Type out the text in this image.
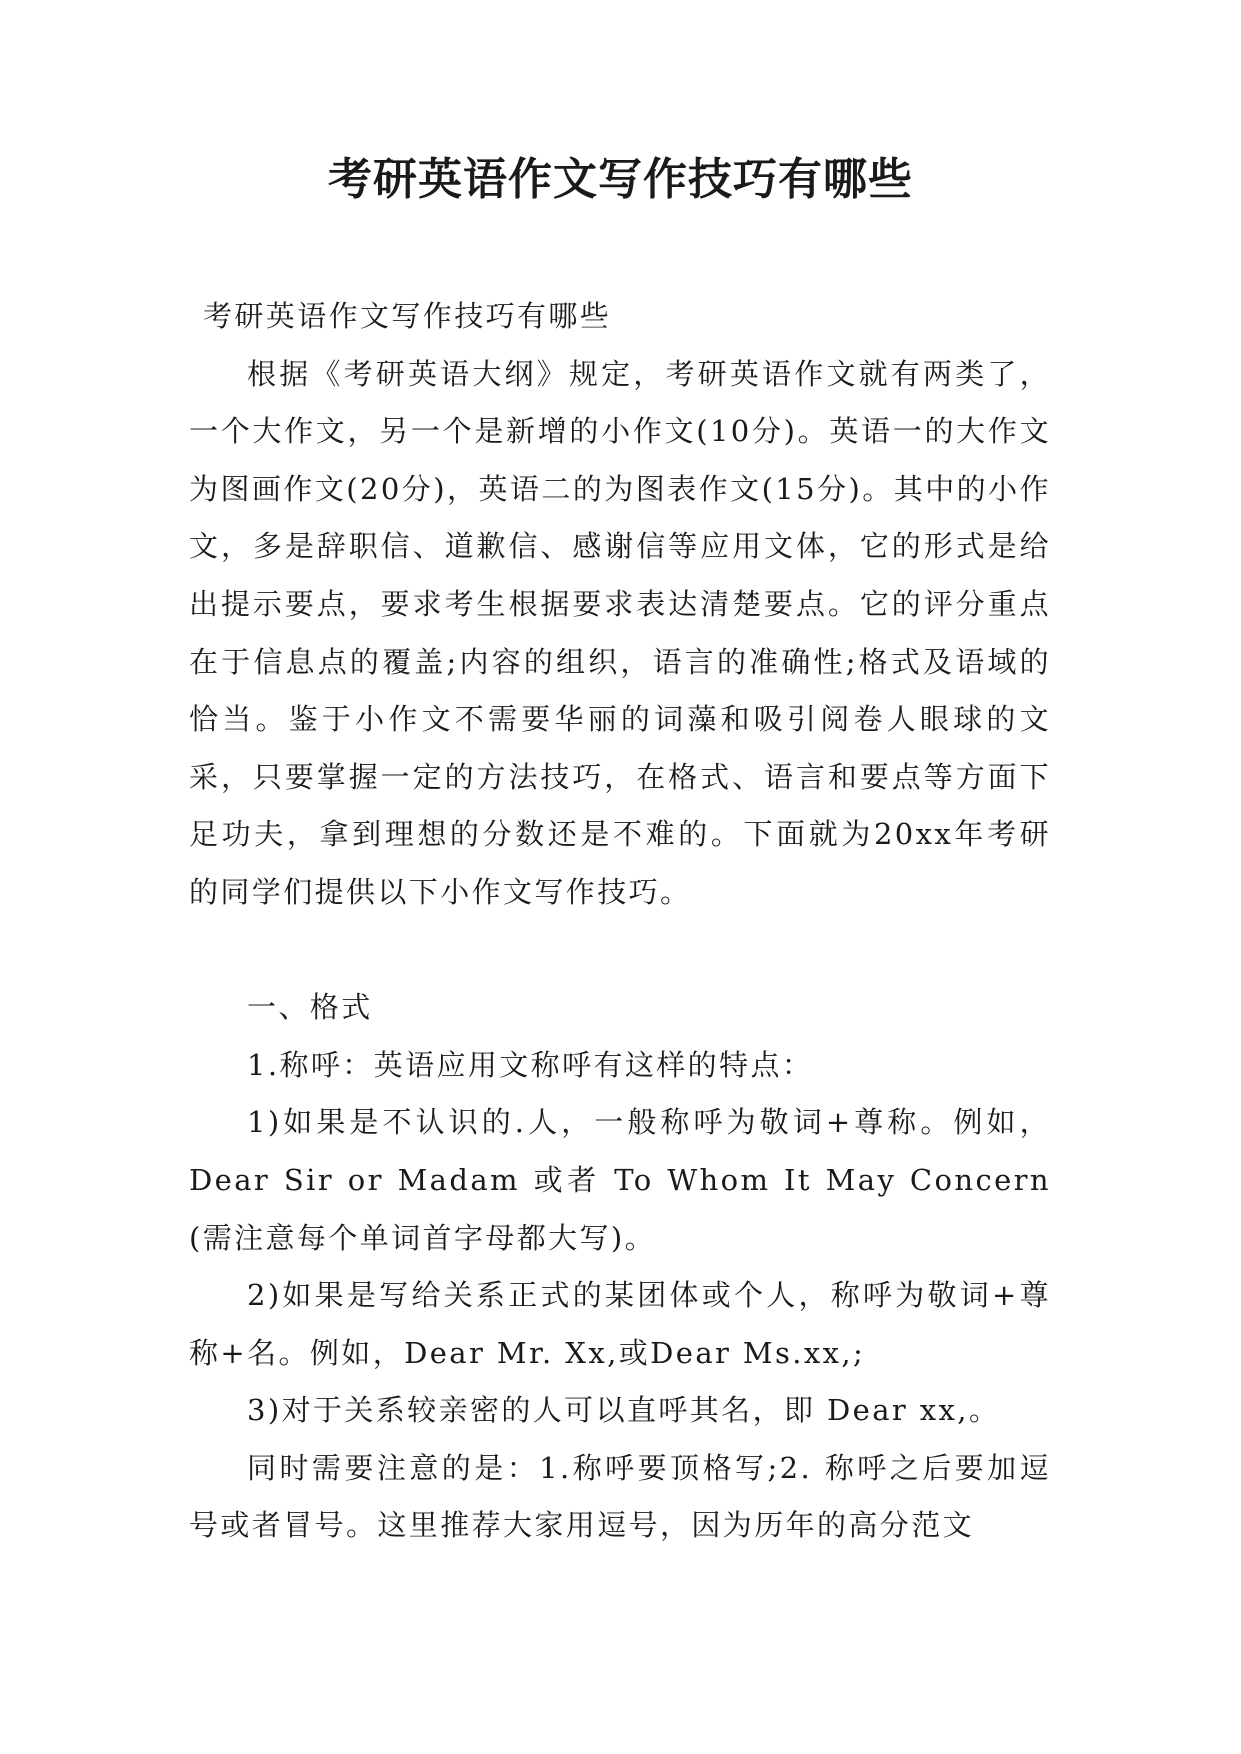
考研英语作文写作技巧有哪些

考研英语作文写作技巧有哪些

根据《考研英语大纲》规定，考研英语作文就有两类了，一个大作文，另一个是新增的小作文(10分)。英语一的大作文为图画作文(20分)，英语二的为图表作文(15分)。其中的小作文，多是辞职信、道歉信、感谢信等应用文体，它的形式是给出提示要点，要求考生根据要求表达清楚要点。它的评分重点在于信息点的覆盖;内容的组织，语言的准确性;格式及语域的恰当。鉴于小作文不需要华丽的词藻和吸引阅卷人眼球的文采，只要掌握一定的方法技巧，在格式、语言和要点等方面下足功夫，拿到理想的分数还是不难的。下面就为20xx年考研的同学们提供以下小作文写作技巧。

一、格式

1.称呼：英语应用文称呼有这样的特点：

1)如果是不认识的.人，一般称呼为敬词+尊称。例如，Dear Sir or Madam 或者 To Whom It May Concern (需注意每个单词首字母都大写)。

2)如果是写给关系正式的某团体或个人，称呼为敬词+尊称+名。例如，Dear Mr. Xx,或Dear Ms.xx,;

3)对于关系较亲密的人可以直呼其名，即 Dear xx,。

同时需要注意的是：1.称呼要顶格写;2. 称呼之后要加逗号或者冒号。这里推荐大家用逗号，因为历年的高分范文
